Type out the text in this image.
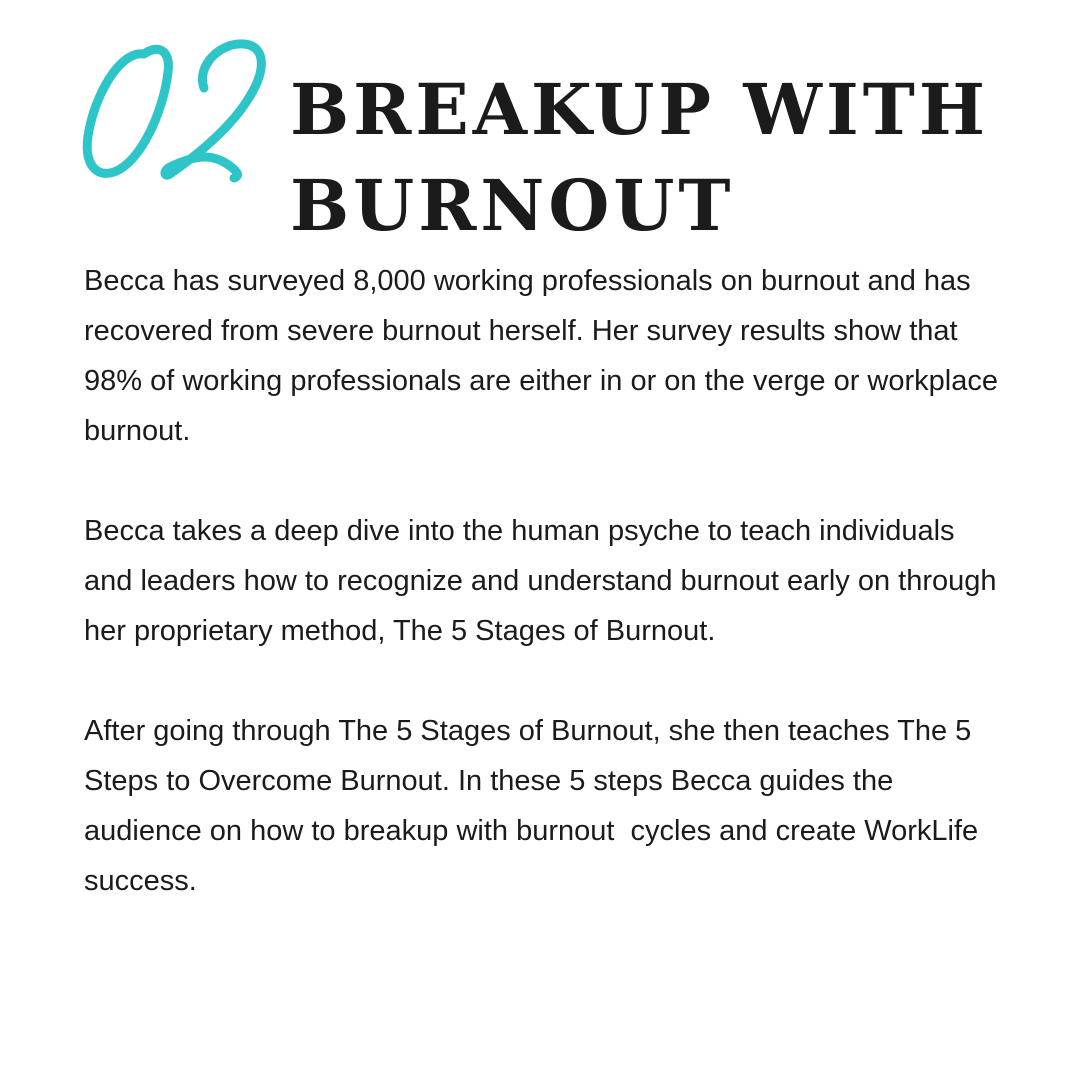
BREAKUP WITH
BURNOUT

Becca has surveyed 8,000 working professionals on burnout and has recovered from severe burnout herself. Her survey results show that 98% of working professionals are either in or on the verge or workplace burnout.

Becca takes a deep dive into the human psyche to teach individuals and leaders how to recognize and understand burnout early on through her proprietary method, The 5 Stages of Burnout.

After going through The 5 Stages of Burnout, she then teaches The 5 Steps to Overcome Burnout. In these 5 steps Becca guides the audience on how to breakup with burnout  cycles and create WorkLife success.
